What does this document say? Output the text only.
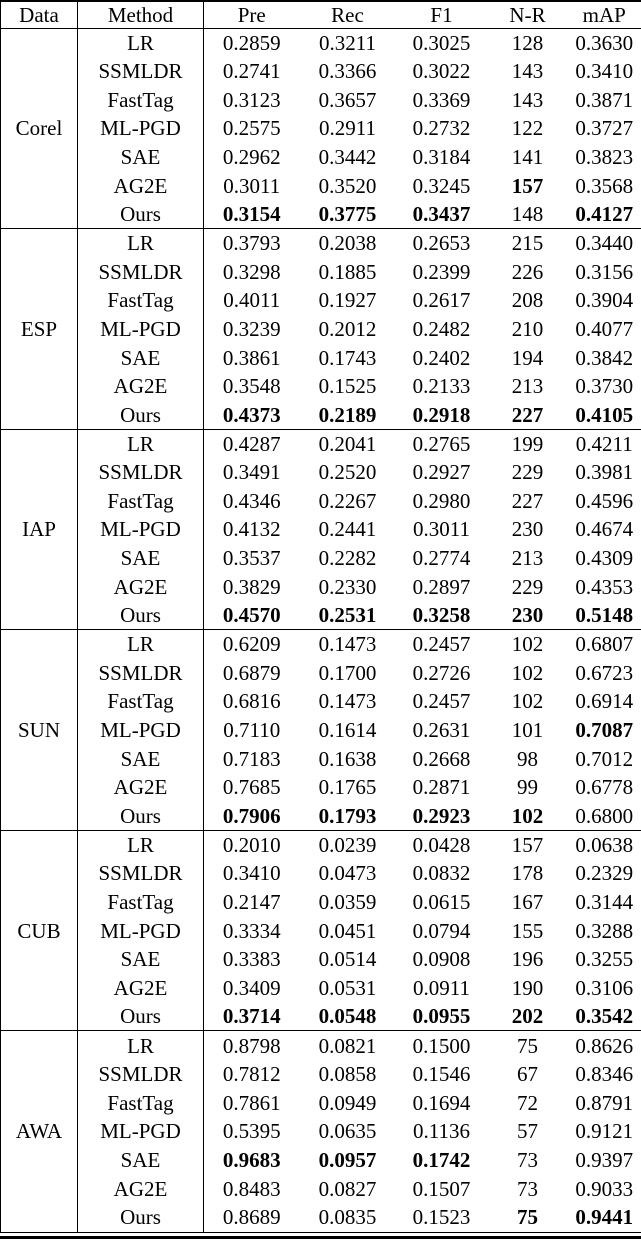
Data	Method	Pre	Rec	F1	N-R	mAP
Corel	LR	0.2859	0.3211	0.3025	128	0.3630
	SSMLDR	0.2741	0.3366	0.3022	143	0.3410
	FastTag	0.3123	0.3657	0.3369	143	0.3871
	ML-PGD	0.2575	0.2911	0.2732	122	0.3727
	SAE	0.2962	0.3442	0.3184	141	0.3823
	AG2E	0.3011	0.3520	0.3245	157	0.3568
	Ours	0.3154	0.3775	0.3437	148	0.4127
ESP	LR	0.3793	0.2038	0.2653	215	0.3440
	SSMLDR	0.3298	0.1885	0.2399	226	0.3156
	FastTag	0.4011	0.1927	0.2617	208	0.3904
	ML-PGD	0.3239	0.2012	0.2482	210	0.4077
	SAE	0.3861	0.1743	0.2402	194	0.3842
	AG2E	0.3548	0.1525	0.2133	213	0.3730
	Ours	0.4373	0.2189	0.2918	227	0.4105
IAP	LR	0.4287	0.2041	0.2765	199	0.4211
	SSMLDR	0.3491	0.2520	0.2927	229	0.3981
	FastTag	0.4346	0.2267	0.2980	227	0.4596
	ML-PGD	0.4132	0.2441	0.3011	230	0.4674
	SAE	0.3537	0.2282	0.2774	213	0.4309
	AG2E	0.3829	0.2330	0.2897	229	0.4353
	Ours	0.4570	0.2531	0.3258	230	0.5148
SUN	LR	0.6209	0.1473	0.2457	102	0.6807
	SSMLDR	0.6879	0.1700	0.2726	102	0.6723
	FastTag	0.6816	0.1473	0.2457	102	0.6914
	ML-PGD	0.7110	0.1614	0.2631	101	0.7087
	SAE	0.7183	0.1638	0.2668	98	0.7012
	AG2E	0.7685	0.1765	0.2871	99	0.6778
	Ours	0.7906	0.1793	0.2923	102	0.6800
CUB	LR	0.2010	0.0239	0.0428	157	0.0638
	SSMLDR	0.3410	0.0473	0.0832	178	0.2329
	FastTag	0.2147	0.0359	0.0615	167	0.3144
	ML-PGD	0.3334	0.0451	0.0794	155	0.3288
	SAE	0.3383	0.0514	0.0908	196	0.3255
	AG2E	0.3409	0.0531	0.0911	190	0.3106
	Ours	0.3714	0.0548	0.0955	202	0.3542
AWA	LR	0.8798	0.0821	0.1500	75	0.8626
	SSMLDR	0.7812	0.0858	0.1546	67	0.8346
	FastTag	0.7861	0.0949	0.1694	72	0.8791
	ML-PGD	0.5395	0.0635	0.1136	57	0.9121
	SAE	0.9683	0.0957	0.1742	73	0.9397
	AG2E	0.8483	0.0827	0.1507	73	0.9033
	Ours	0.8689	0.0835	0.1523	75	0.9441
